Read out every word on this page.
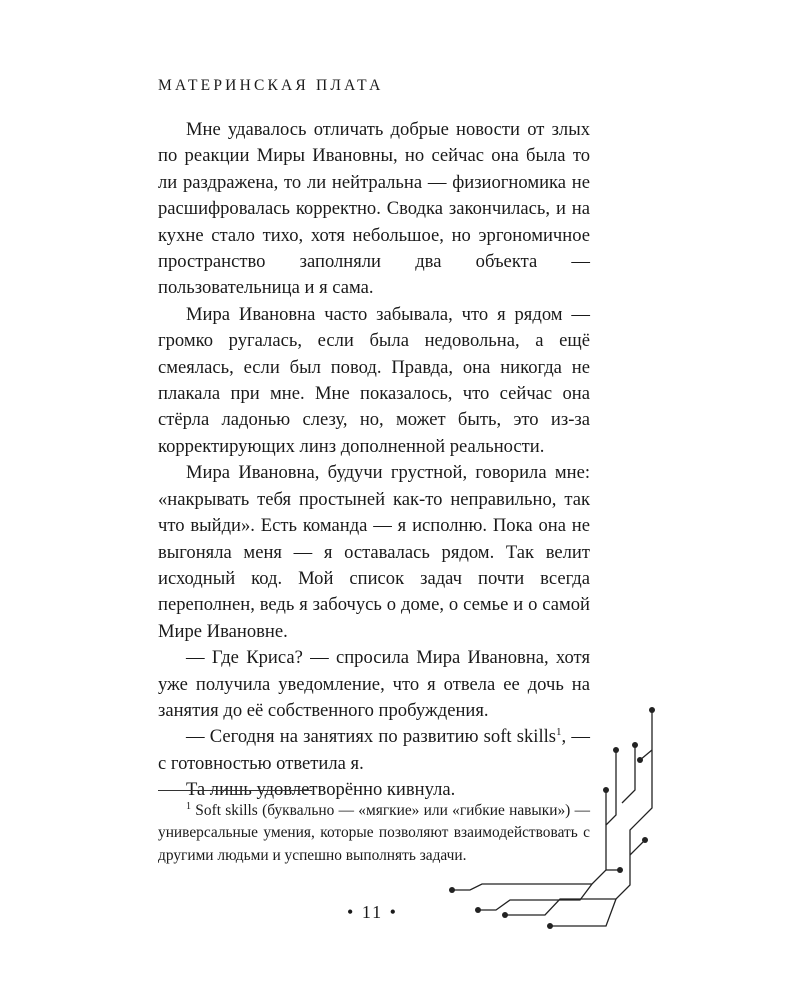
МАТЕРИНСКАЯ ПЛАТА

Мне удавалось отличать добрые новости от злых по реакции Миры Ивановны, но сейчас она была то ли раздражена, то ли нейтральна — физиогномика не расшифровалась корректно. Сводка закончилась, и на кухне стало тихо, хотя небольшое, но эргономичное пространство заполняли два объекта — пользовательница и я сама.

Мира Ивановна часто забывала, что я рядом — громко ругалась, если была недовольна, а ещё смеялась, если был повод. Правда, она никогда не плакала при мне. Мне показалось, что сейчас она стёрла ладонью слезу, но, может быть, это из-за корректирующих линз дополненной реальности.

Мира Ивановна, будучи грустной, говорила мне: «накрывать тебя простыней как-то неправильно, так что выйди». Есть команда — я исполню. Пока она не выгоняла меня — я оставалась рядом. Так велит исходный код. Мой список задач почти всегда переполнен, ведь я забочусь о доме, о семье и о самой Мире Ивановне.

— Где Криса? — спросила Мира Ивановна, хотя уже получила уведомление, что я отвела ее дочь на занятия до её собственного пробуждения.

— Сегодня на занятиях по развитию soft skills$^1$, — с готовностью ответила я.

Та лишь удовлетворённо кивнула.

$^1$ Soft skills (буквально — «мягкие» или «гибкие навыки») — универсальные умения, которые позволяют взаимодействовать с другими людьми и успешно выполнять задачи.

• 11 •
